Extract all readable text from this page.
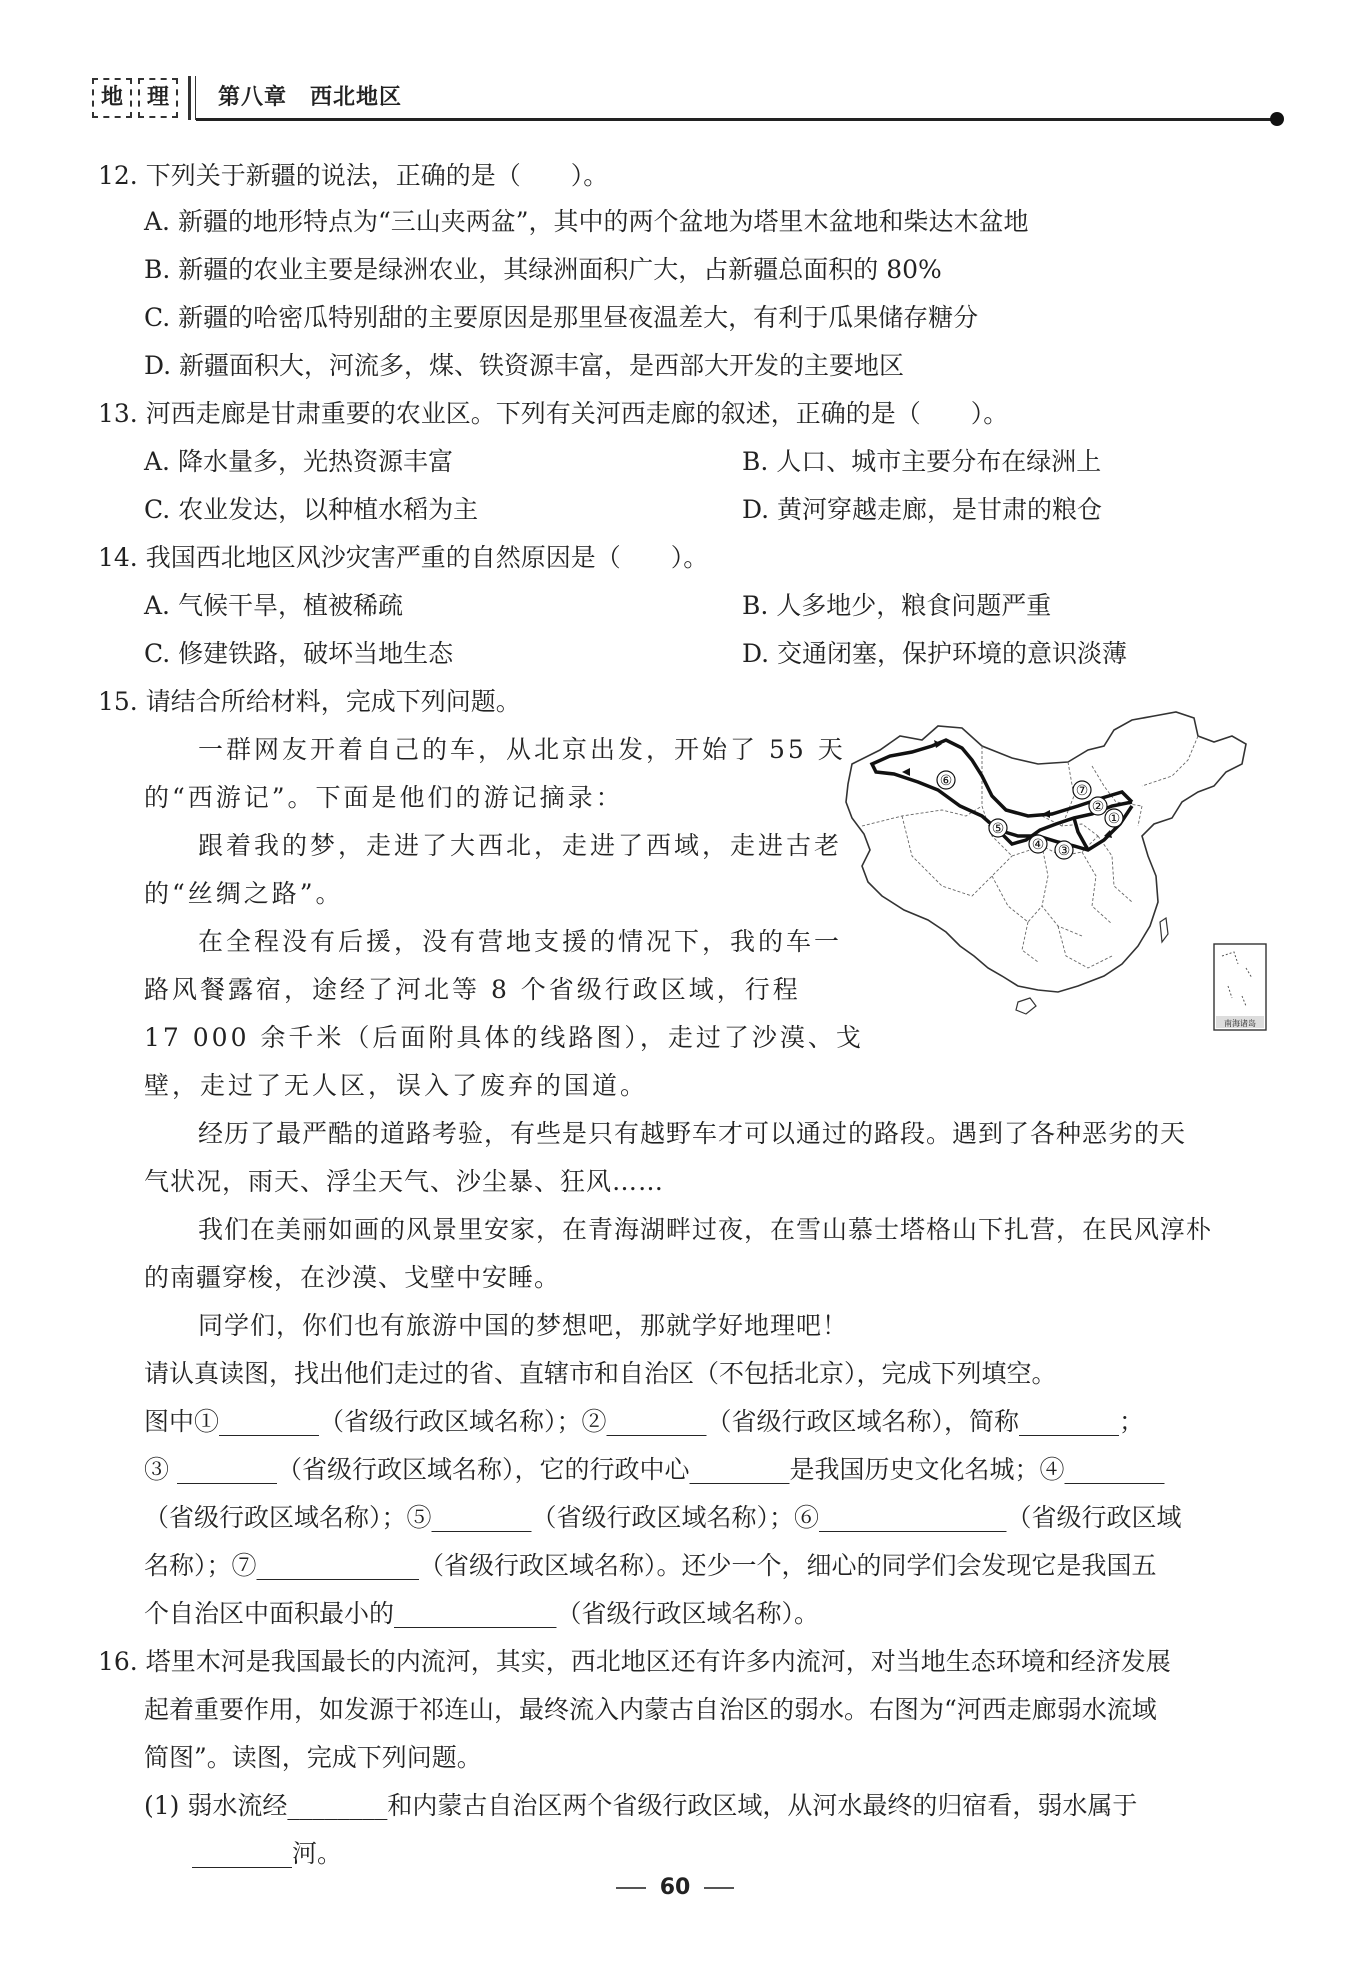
地	理	第八章　西北地区
12. 下列关于新疆的说法，正确的是（　　）。
A. 新疆的地形特点为“三山夹两盆”，其中的两个盆地为塔里木盆地和柴达木盆地
B. 新疆的农业主要是绿洲农业，其绿洲面积广大，占新疆总面积的 80%
C. 新疆的哈密瓜特别甜的主要原因是那里昼夜温差大，有利于瓜果储存糖分
D. 新疆面积大，河流多，煤、铁资源丰富，是西部大开发的主要地区
13. 河西走廊是甘肃重要的农业区。下列有关河西走廊的叙述，正确的是（　　）。
A. 降水量多，光热资源丰富	B. 人口、城市主要分布在绿洲上
C. 农业发达，以种植水稻为主	D. 黄河穿越走廊，是甘肃的粮仓
14. 我国西北地区风沙灾害严重的自然原因是（　　）。
A. 气候干旱，植被稀疏	B. 人多地少，粮食问题严重
C. 修建铁路，破坏当地生态	D. 交通闭塞，保护环境的意识淡薄
15. 请结合所给材料，完成下列问题。
一群网友开着自己的车，从北京出发，开始了 55 天
的“西游记”。下面是他们的游记摘录：
跟着我的梦，走进了大西北，走进了西域，走进古老
的“丝绸之路”。
在全程没有后援，没有营地支援的情况下，我的车一
路风餐露宿，途经了河北等 8 个省级行政区域，行程
17 000 余千米（后面附具体的线路图），走过了沙漠、戈
壁，走过了无人区，误入了废弃的国道。
经历了最严酷的道路考验，有些是只有越野车才可以通过的路段。遇到了各种恶劣的天
气状况，雨天、浮尘天气、沙尘暴、狂风……
我们在美丽如画的风景里安家，在青海湖畔过夜，在雪山慕士塔格山下扎营，在民风淳朴
的南疆穿梭，在沙漠、戈壁中安睡。
同学们，你们也有旅游中国的梦想吧，那就学好地理吧！
请认真读图，找出他们走过的省、直辖市和自治区（不包括北京），完成下列填空。
图中①________（省级行政区域名称）；②________（省级行政区域名称），简称________；
③ ________（省级行政区域名称），它的行政中心________是我国历史文化名城；④________
（省级行政区域名称）；⑤________（省级行政区域名称）；⑥_______________（省级行政区域
名称）；⑦_____________（省级行政区域名称）。还少一个，细心的同学们会发现它是我国五
个自治区中面积最小的_____________（省级行政区域名称）。
①
②
③
④
⑤
⑥
⑦
南海诸岛
16. 塔里木河是我国最长的内流河，其实，西北地区还有许多内流河，对当地生态环境和经济发展
起着重要作用，如发源于祁连山，最终流入内蒙古自治区的弱水。右图为“河西走廊弱水流域
简图”。读图，完成下列问题。
(1) 弱水流经________和内蒙古自治区两个省级行政区域，从河水最终的归宿看，弱水属于
________河。
60
